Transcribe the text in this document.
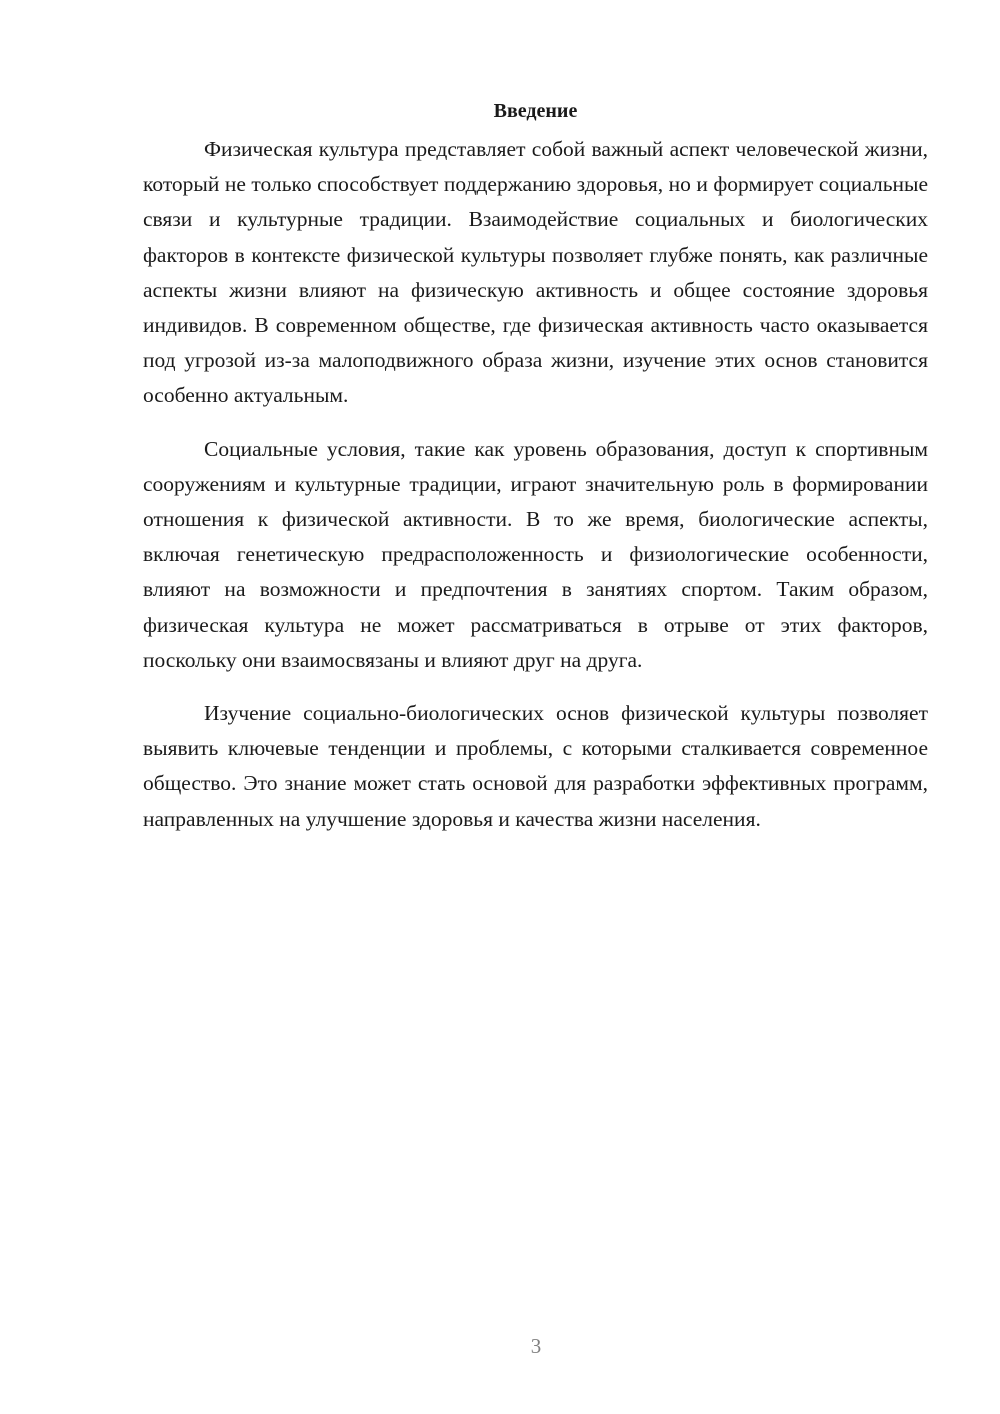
Введение

Физическая культура представляет собой важный аспект человеческой жизни, который не только способствует поддержанию здоровья, но и формирует социальные связи и культурные традиции. Взаимодействие социальных и биологических факторов в контексте физической культуры позволяет глубже понять, как различные аспекты жизни влияют на физическую активность и общее состояние здоровья индивидов. В современном обществе, где физическая активность часто оказывается под угрозой из-за малоподвижного образа жизни, изучение этих основ становится особенно актуальным.

Социальные условия, такие как уровень образования, доступ к спортивным сооружениям и культурные традиции, играют значительную роль в формировании отношения к физической активности. В то же время, биологические аспекты, включая генетическую предрасположенность и физиологические особенности, влияют на возможности и предпочтения в занятиях спортом. Таким образом, физическая культура не может рассматриваться в отрыве от этих факторов, поскольку они взаимосвязаны и влияют друг на друга.

Изучение социально-биологических основ физической культуры позволяет выявить ключевые тенденции и проблемы, с которыми сталкивается современное общество. Это знание может стать основой для разработки эффективных программ, направленных на улучшение здоровья и качества жизни населения.

3
